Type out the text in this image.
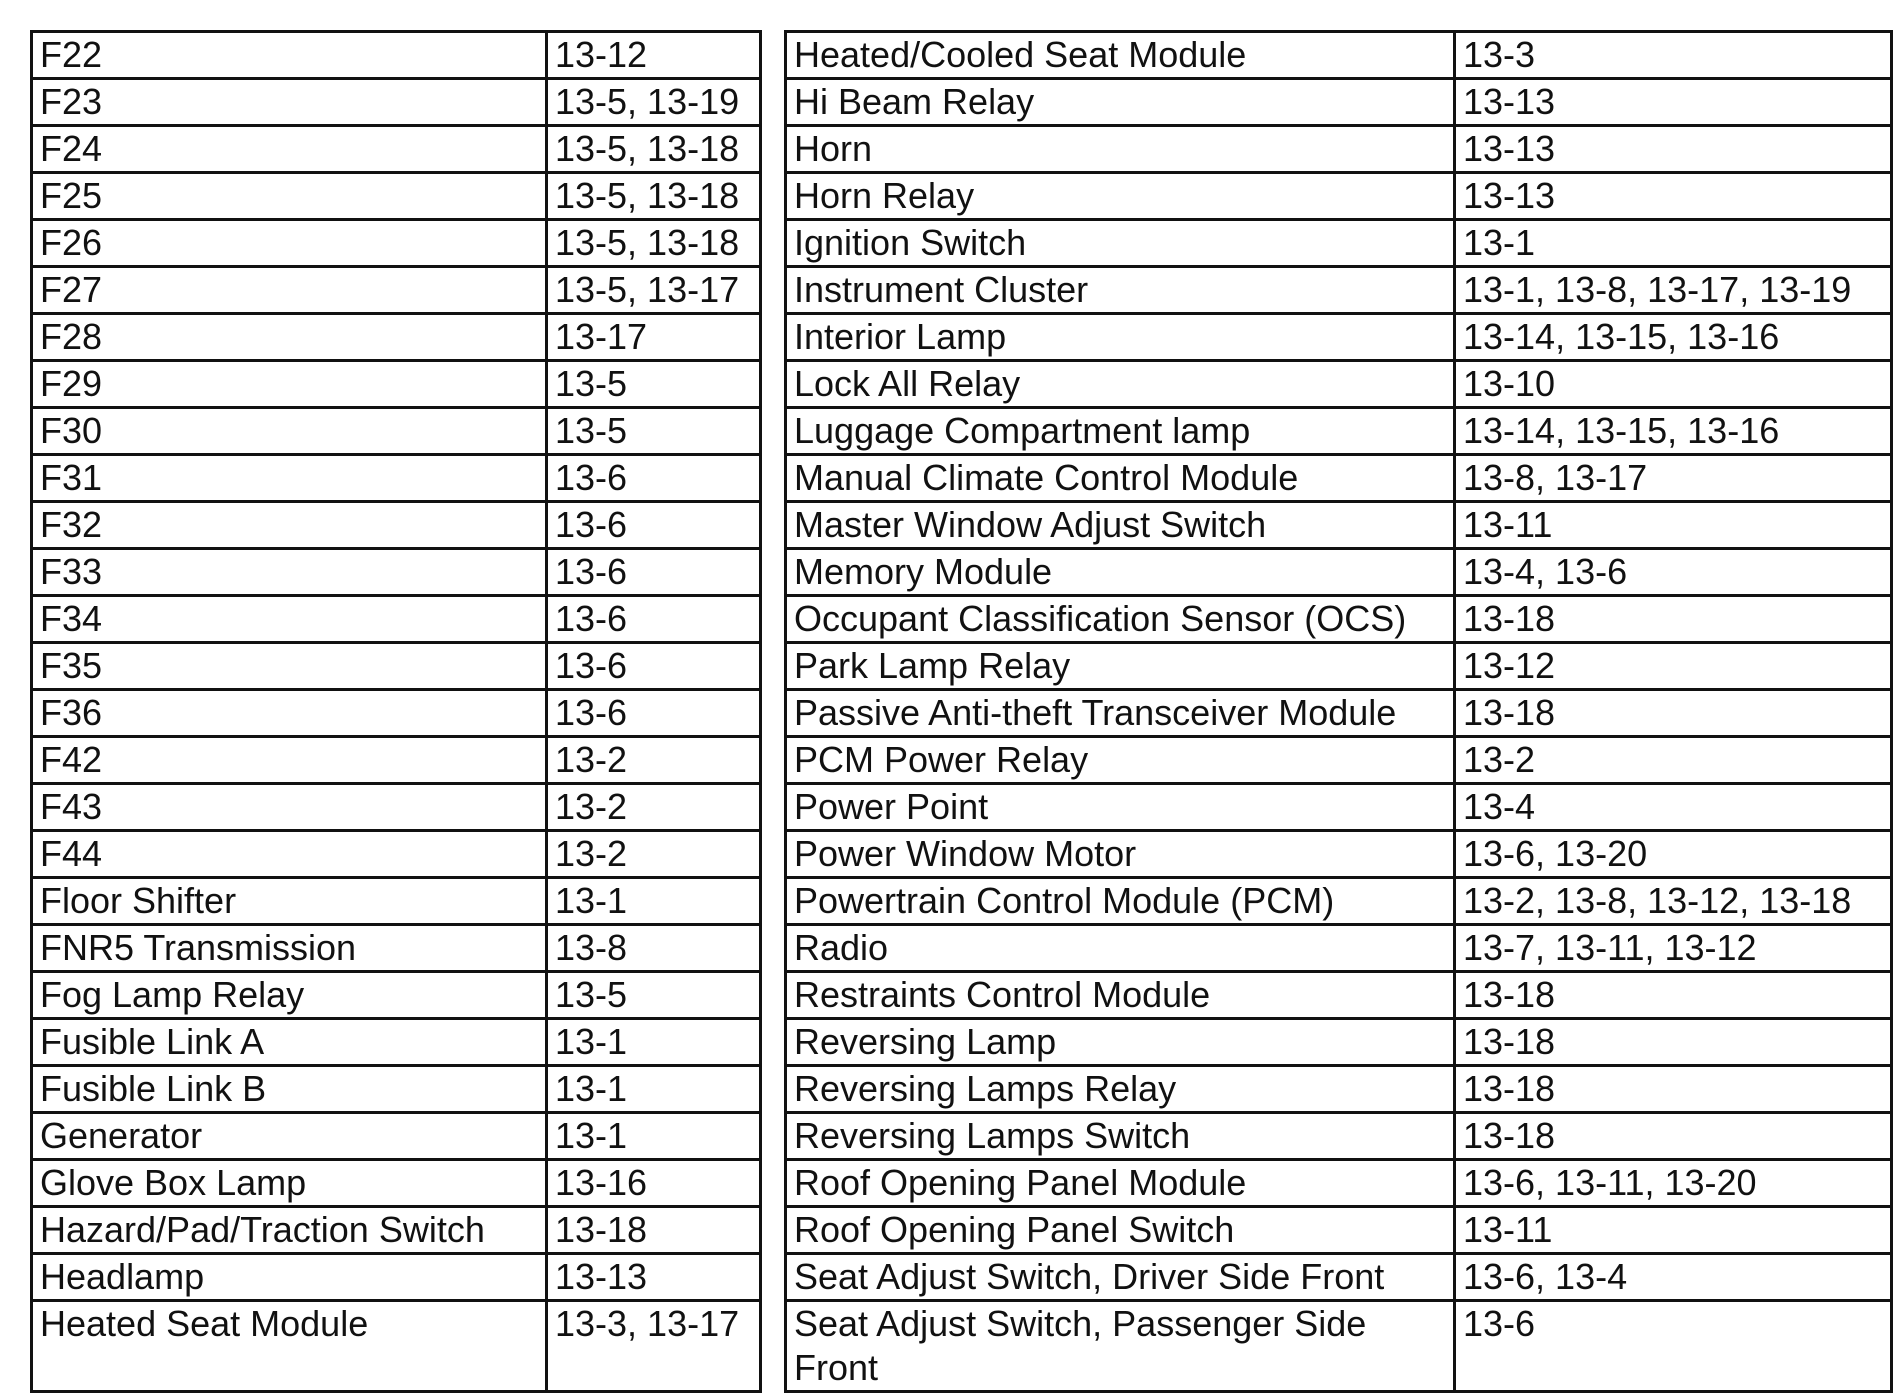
F22	13-12		Heated/Cooled Seat Module	13-3
F23	13-5, 13-19		Hi Beam Relay	13-13
F24	13-5, 13-18		Horn	13-13
F25	13-5, 13-18		Horn Relay	13-13
F26	13-5, 13-18		Ignition Switch	13-1
F27	13-5, 13-17		Instrument Cluster	13-1, 13-8, 13-17, 13-19
F28	13-17		Interior Lamp	13-14, 13-15, 13-16
F29	13-5		Lock All Relay	13-10
F30	13-5		Luggage Compartment lamp	13-14, 13-15, 13-16
F31	13-6		Manual Climate Control Module	13-8, 13-17
F32	13-6		Master Window Adjust Switch	13-11
F33	13-6		Memory Module	13-4, 13-6
F34	13-6		Occupant Classification Sensor (OCS)	13-18
F35	13-6		Park Lamp Relay	13-12
F36	13-6		Passive Anti-theft Transceiver Module	13-18
F42	13-2		PCM Power Relay	13-2
F43	13-2		Power Point	13-4
F44	13-2		Power Window Motor	13-6, 13-20
Floor Shifter	13-1		Powertrain Control Module (PCM)	13-2, 13-8, 13-12, 13-18
FNR5 Transmission	13-8		Radio	13-7, 13-11, 13-12
Fog Lamp Relay	13-5		Restraints Control Module	13-18
Fusible Link A	13-1		Reversing Lamp	13-18
Fusible Link B	13-1		Reversing Lamps Relay	13-18
Generator	13-1		Reversing Lamps Switch	13-18
Glove Box Lamp	13-16		Roof Opening Panel Module	13-6, 13-11, 13-20
Hazard/Pad/Traction Switch	13-18		Roof Opening Panel Switch	13-11
Headlamp	13-13		Seat Adjust Switch, Driver Side Front	13-6, 13-4
Heated Seat Module	13-3, 13-17		Seat Adjust Switch, Passenger Side Front	13-6
